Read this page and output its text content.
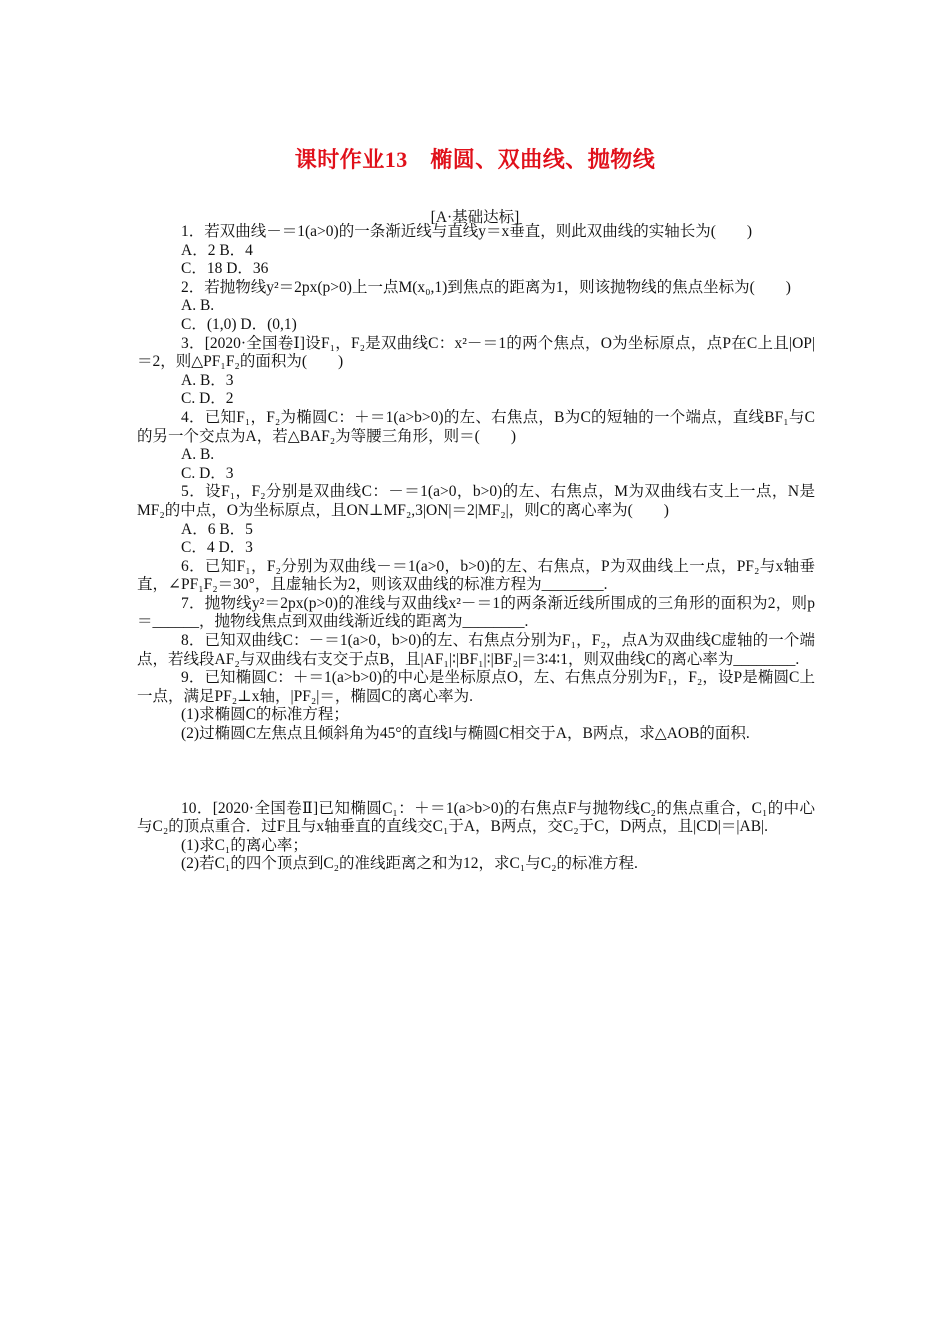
课时作业13　椭圆、双曲线、抛物线
[A·基础达标]
1．若双曲线－＝1(a>0)的一条渐近线与直线y＝x垂直，则此双曲线的实轴长为(　　)
A．2 B．4
C．18 D．36
2．若抛物线y²＝2px(p>0)上一点M(x₀,1)到焦点的距离为1，则该抛物线的焦点坐标为(　　)
A. B.
C．(1,0) D．(0,1)
3．[2020·全国卷Ⅰ]设F₁，F₂是双曲线C：x²－＝1的两个焦点，O为坐标原点，点P在C上且|OP|＝2，则△PF₁F₂的面积为(　　)
A. B．3
C. D．2
4．已知F₁，F₂为椭圆C：＋＝1(a>b>0)的左、右焦点，B为C的短轴的一个端点，直线BF₁与C的另一个交点为A，若△BAF₂为等腰三角形，则＝(　　)
A. B.
C. D．3
5．设F₁，F₂分别是双曲线C：－＝1(a>0，b>0)的左、右焦点，M为双曲线右支上一点，N是MF₂的中点，O为坐标原点，且ON⊥MF₂,3|ON|＝2|MF₂|，则C的离心率为(　　)
A．6 B．5
C．4 D．3
6．已知F₁，F₂分别为双曲线－＝1(a>0，b>0)的左、右焦点，P为双曲线上一点，PF₂与x轴垂直，∠PF₁F₂＝30°，且虚轴长为2，则该双曲线的标准方程为________.
7．抛物线y²＝2px(p>0)的准线与双曲线x²－＝1的两条渐近线所围成的三角形的面积为2，则p＝______，抛物线焦点到双曲线渐近线的距离为________.
8．已知双曲线C：－＝1(a>0，b>0)的左、右焦点分别为F₁，F₂，点A为双曲线C虚轴的一个端点，若线段AF₂与双曲线右支交于点B，且|AF₁|∶|BF₁|∶|BF₂|＝3∶4∶1，则双曲线C的离心率为________.
9．已知椭圆C：＋＝1(a>b>0)的中心是坐标原点O，左、右焦点分别为F₁，F₂，设P是椭圆C上一点，满足PF₂⊥x轴，|PF₂|＝，椭圆C的离心率为.
(1)求椭圆C的标准方程；
(2)过椭圆C左焦点且倾斜角为45°的直线l与椭圆C相交于A，B两点，求△AOB的面积.
10．[2020·全国卷Ⅱ]已知椭圆C₁：＋＝1(a>b>0)的右焦点F与抛物线C₂的焦点重合，C₁的中心与C₂的顶点重合．过F且与x轴垂直的直线交C₁于A，B两点，交C₂于C，D两点，且|CD|＝|AB|.
(1)求C₁的离心率；
(2)若C₁的四个顶点到C₂的准线距离之和为12，求C₁与C₂的标准方程.
